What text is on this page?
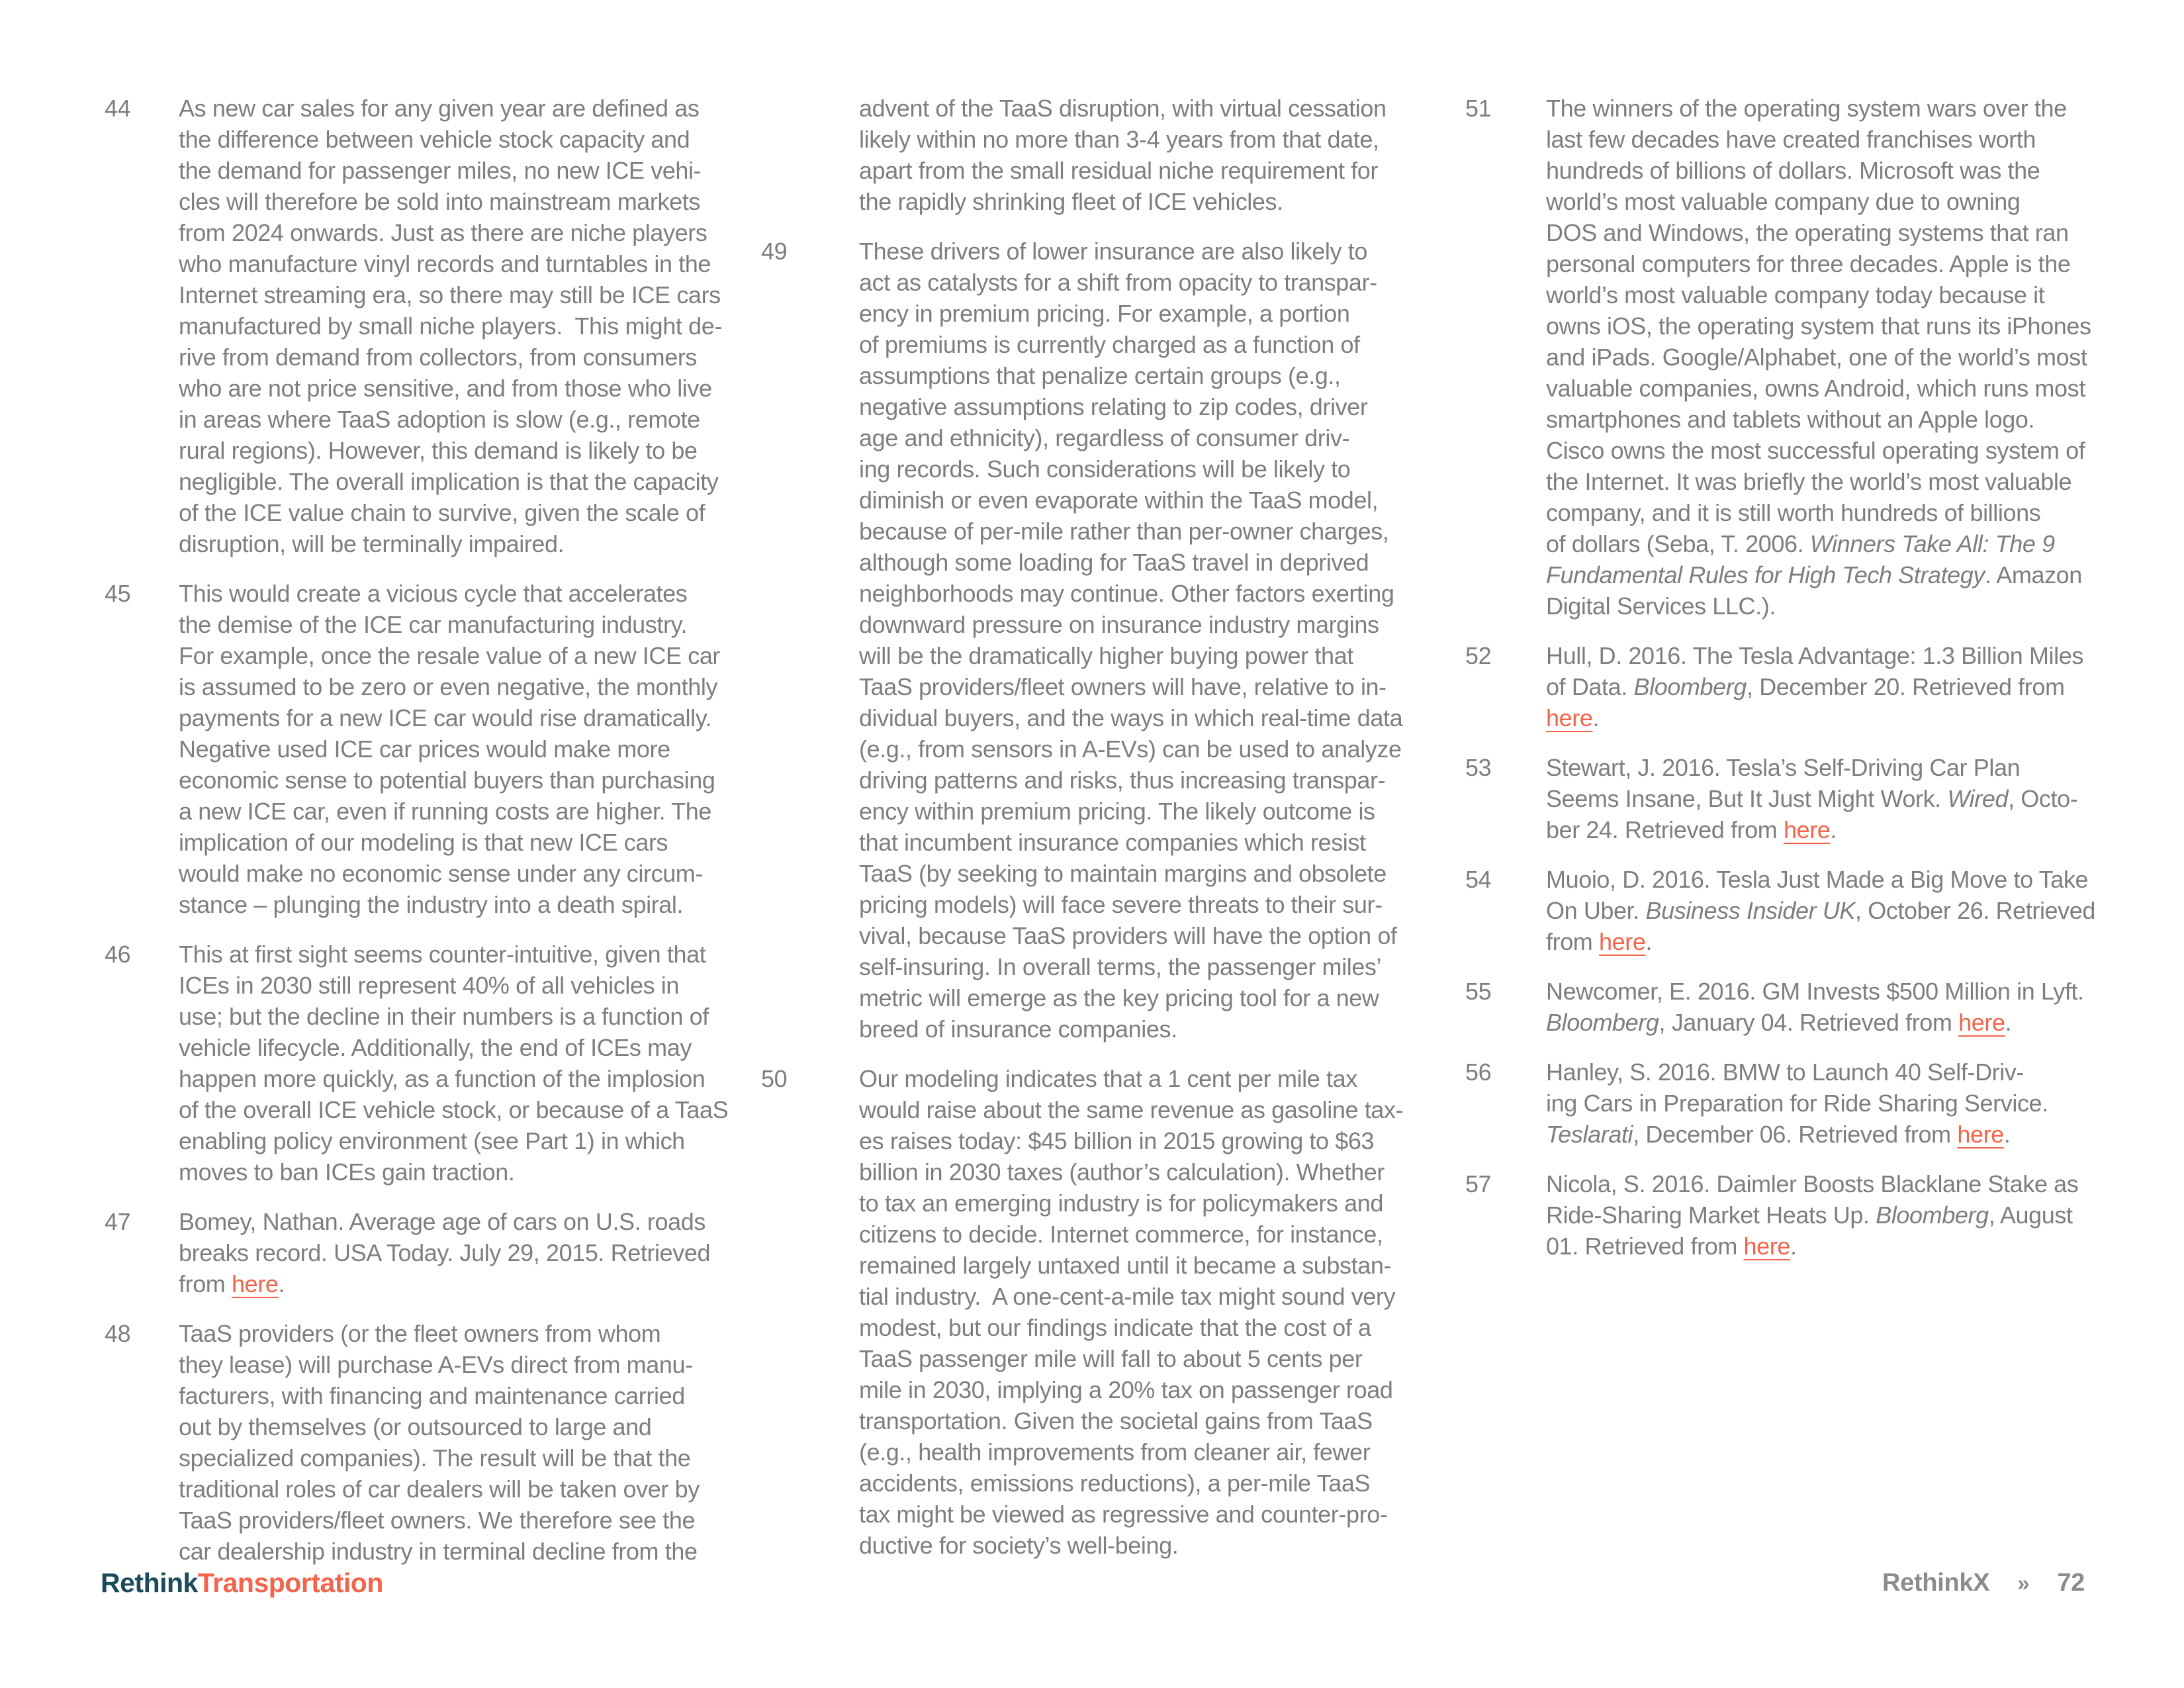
44	As new car sales for any given year are defined as
the difference between vehicle stock capacity and
the demand for passenger miles, no new ICE vehi-
cles will therefore be sold into mainstream markets
from 2024 onwards. Just as there are niche players
who manufacture vinyl records and turntables in the
Internet streaming era, so there may still be ICE cars
manufactured by small niche players.  This might de-
rive from demand from collectors, from consumers
who are not price sensitive, and from those who live
in areas where TaaS adoption is slow (e.g., remote
rural regions). However, this demand is likely to be
negligible. The overall implication is that the capacity
of the ICE value chain to survive, given the scale of
disruption, will be terminally impaired.
45	This would create a vicious cycle that accelerates
the demise of the ICE car manufacturing industry.
For example, once the resale value of a new ICE car
is assumed to be zero or even negative, the monthly
payments for a new ICE car would rise dramatically.
Negative used ICE car prices would make more
economic sense to potential buyers than purchasing
a new ICE car, even if running costs are higher. The
implication of our modeling is that new ICE cars
would make no economic sense under any circum-
stance – plunging the industry into a death spiral.
46	This at first sight seems counter-intuitive, given that
ICEs in 2030 still represent 40% of all vehicles in
use; but the decline in their numbers is a function of
vehicle lifecycle. Additionally, the end of ICEs may
happen more quickly, as a function of the implosion
of the overall ICE vehicle stock, or because of a TaaS
enabling policy environment (see Part 1) in which
moves to ban ICEs gain traction.
47	Bomey, Nathan. Average age of cars on U.S. roads
breaks record. USA Today. July 29, 2015. Retrieved
from here.
48	TaaS providers (or the fleet owners from whom
they lease) will purchase A-EVs direct from manu-
facturers, with financing and maintenance carried
out by themselves (or outsourced to large and
specialized companies). The result will be that the
traditional roles of car dealers will be taken over by
TaaS providers/fleet owners. We therefore see the
car dealership industry in terminal decline from the
advent of the TaaS disruption, with virtual cessation
likely within no more than 3-4 years from that date,
apart from the small residual niche requirement for
the rapidly shrinking fleet of ICE vehicles.
49	These drivers of lower insurance are also likely to
act as catalysts for a shift from opacity to transpar-
ency in premium pricing. For example, a portion
of premiums is currently charged as a function of
assumptions that penalize certain groups (e.g.,
negative assumptions relating to zip codes, driver
age and ethnicity), regardless of consumer driv-
ing records. Such considerations will be likely to
diminish or even evaporate within the TaaS model,
because of per-mile rather than per-owner charges,
although some loading for TaaS travel in deprived
neighborhoods may continue. Other factors exerting
downward pressure on insurance industry margins
will be the dramatically higher buying power that
TaaS providers/fleet owners will have, relative to in-
dividual buyers, and the ways in which real-time data
(e.g., from sensors in A-EVs) can be used to analyze
driving patterns and risks, thus increasing transpar-
ency within premium pricing. The likely outcome is
that incumbent insurance companies which resist
TaaS (by seeking to maintain margins and obsolete
pricing models) will face severe threats to their sur-
vival, because TaaS providers will have the option of
self-insuring. In overall terms, the passenger miles’
metric will emerge as the key pricing tool for a new
breed of insurance companies.
50	Our modeling indicates that a 1 cent per mile tax
would raise about the same revenue as gasoline tax-
es raises today: $45 billion in 2015 growing to $63
billion in 2030 taxes (author’s calculation). Whether
to tax an emerging industry is for policymakers and
citizens to decide. Internet commerce, for instance,
remained largely untaxed until it became a substan-
tial industry.  A one-cent-a-mile tax might sound very
modest, but our findings indicate that the cost of a
TaaS passenger mile will fall to about 5 cents per
mile in 2030, implying a 20% tax on passenger road
transportation. Given the societal gains from TaaS
(e.g., health improvements from cleaner air, fewer
accidents, emissions reductions), a per-mile TaaS
tax might be viewed as regressive and counter-pro-
ductive for society’s well-being.
51	The winners of the operating system wars over the
last few decades have created franchises worth
hundreds of billions of dollars. Microsoft was the
world’s most valuable company due to owning
DOS and Windows, the operating systems that ran
personal computers for three decades. Apple is the
world’s most valuable company today because it
owns iOS, the operating system that runs its iPhones
and iPads. Google/Alphabet, one of the world’s most
valuable companies, owns Android, which runs most
smartphones and tablets without an Apple logo.
Cisco owns the most successful operating system of
the Internet. It was briefly the world’s most valuable
company, and it is still worth hundreds of billions
of dollars (Seba, T. 2006. Winners Take All: The 9
Fundamental Rules for High Tech Strategy. Amazon
Digital Services LLC.).
52	Hull, D. 2016. The Tesla Advantage: 1.3 Billion Miles
of Data. Bloomberg, December 20. Retrieved from
here.
53	Stewart, J. 2016. Tesla’s Self-Driving Car Plan
Seems Insane, But It Just Might Work. Wired, Octo-
ber 24. Retrieved from here.
54	Muoio, D. 2016. Tesla Just Made a Big Move to Take
On Uber. Business Insider UK, October 26. Retrieved
from here.
55	Newcomer, E. 2016. GM Invests $500 Million in Lyft.
Bloomberg, January 04. Retrieved from here.
56	Hanley, S. 2016. BMW to Launch 40 Self-Driv-
ing Cars in Preparation for Ride Sharing Service.
Teslarati, December 06. Retrieved from here.
57	Nicola, S. 2016. Daimler Boosts Blacklane Stake as
Ride-Sharing Market Heats Up. Bloomberg, August
01. Retrieved from here.
RethinkTransportation	RethinkX » 72
